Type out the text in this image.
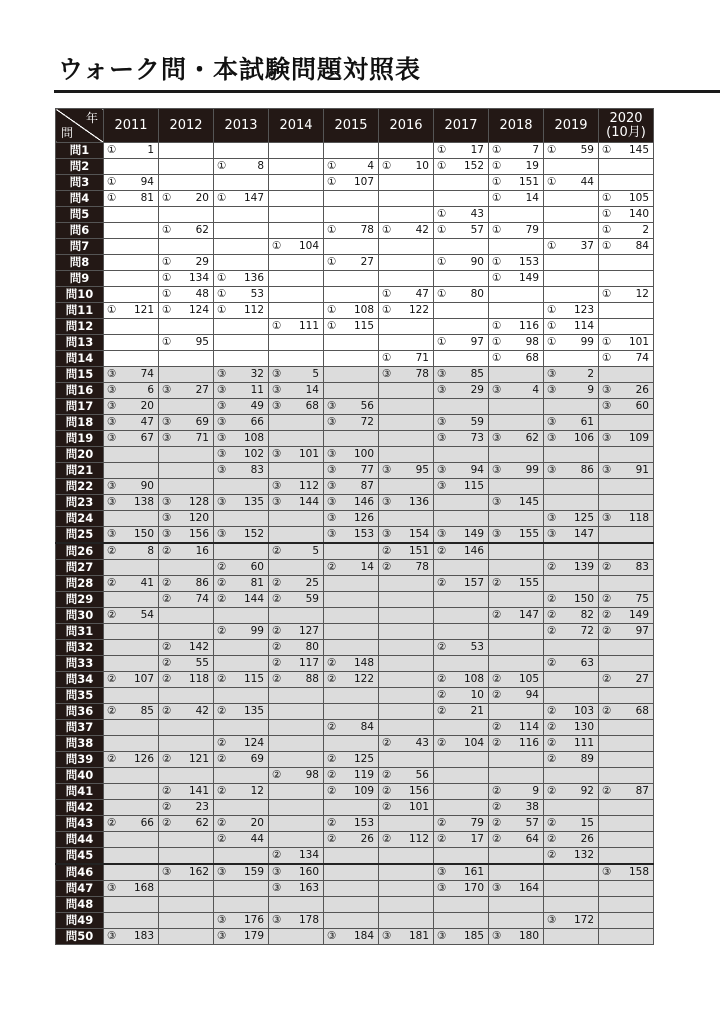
ウォーク問・本試験問題対照表
年
問	2011	2012	2013	2014	2015	2016	2017	2018	2019	2020
(10月)
問1	① 1						① 17	① 7	① 59	① 145

問2			① 8		① 4	① 10	① 152	① 19		

問3	① 94				① 107			① 151	① 44	

問4	① 81	① 20	① 147					① 14		① 105

問5							① 43			① 140

問6		① 62			① 78	① 42	① 57	① 79		① 2

問7				① 104					① 37	① 84

問8		① 29			① 27		① 90	① 153		

問9		① 134	① 136					① 149		

問10		① 48	① 53			① 47	① 80			① 12

問11	① 121	① 124	① 112		① 108	① 122			① 123	

問12				① 111	① 115			① 116	① 114	

問13		① 95					① 97	① 98	① 99	① 101

問14						① 71		① 68		① 74

問15	③ 74		③ 32	③ 5		③ 78	③ 85		③ 2	

問16	③ 6	③ 27	③ 11	③ 14			③ 29	③ 4	③ 9	③ 26

問17	③ 20		③ 49	③ 68	③ 56					③ 60

問18	③ 47	③ 69	③ 66		③ 72		③ 59		③ 61	

問19	③ 67	③ 71	③ 108				③ 73	③ 62	③ 106	③ 109

問20			③ 102	③ 101	③ 100					

問21			③ 83		③ 77	③ 95	③ 94	③ 99	③ 86	③ 91

問22	③ 90			③ 112	③ 87		③ 115			

問23	③ 138	③ 128	③ 135	③ 144	③ 146	③ 136		③ 145		

問24		③ 120			③ 126				③ 125	③ 118

問25	③ 150	③ 156	③ 152		③ 153	③ 154	③ 149	③ 155	③ 147	

問26	② 8	② 16		② 5		② 151	② 146			

問27			② 60		② 14	② 78			② 139	② 83

問28	② 41	② 86	② 81	② 25			② 157	② 155		

問29		② 74	② 144	② 59					② 150	② 75

問30	② 54							② 147	② 82	② 149

問31			② 99	② 127					② 72	② 97

問32		② 142		② 80			② 53			

問33		② 55		② 117	② 148				② 63	

問34	② 107	② 118	② 115	② 88	② 122		② 108	② 105		② 27

問35							② 10	② 94		

問36	② 85	② 42	② 135				② 21		② 103	② 68

問37					② 84			② 114	② 130	

問38			② 124			② 43	② 104	② 116	② 111	

問39	② 126	② 121	② 69		② 125				② 89	

問40				② 98	② 119	② 56				

問41		② 141	② 12		② 109	② 156		② 9	② 92	② 87

問42		② 23				② 101		② 38		

問43	② 66	② 62	② 20		② 153		② 79	② 57	② 15	

問44			② 44		② 26	② 112	② 17	② 64	② 26	

問45				② 134					② 132	

問46		③ 162	③ 159	③ 160			③ 161			③ 158

問47	③ 168			③ 163			③ 170	③ 164		

問48										
問49			③ 176	③ 178					③ 172	

問50	③ 183		③ 179		③ 184	③ 181	③ 185	③ 180		
